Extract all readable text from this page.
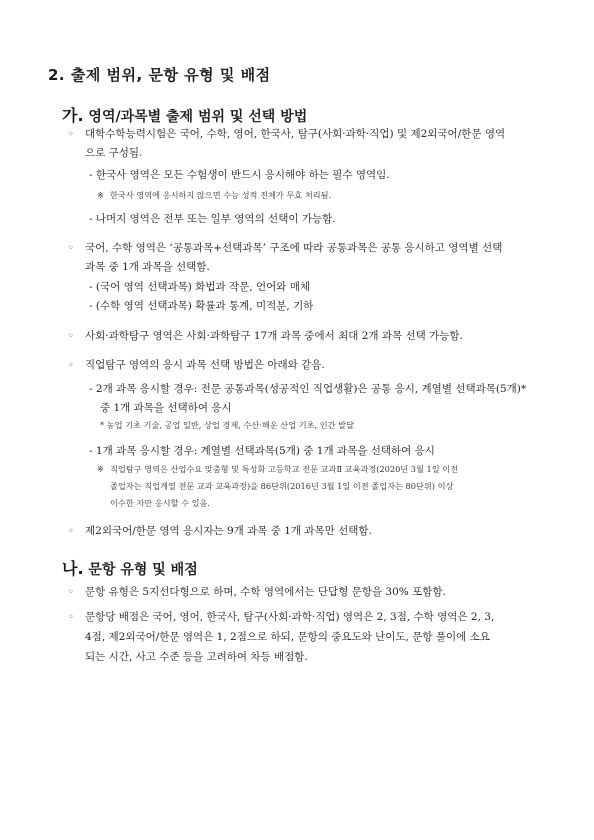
2. 출제 범위, 문항 유형 및 배점
가. 영역/과목별 출제 범위 및 선택 방법
◦ 대학수학능력시험은 국어, 수학, 영어, 한국사, 탐구(사회·과학·직업) 및 제2외국어/한문 영역
으로 구성됨.
- 한국사 영역은 모든 수험생이 반드시 응시해야 하는 필수 영역임.
※ 한국사 영역에 응시하지 않으면 수능 성적 전체가 무효 처리됨.
- 나머지 영역은 전부 또는 일부 영역의 선택이 가능함.
◦ 국어, 수학 영역은 ‘공통과목+선택과목’ 구조에 따라 공통과목은 공통 응시하고 영역별 선택
과목 중 1개 과목을 선택함.
- (국어 영역 선택과목) 화법과 작문, 언어와 매체
- (수학 영역 선택과목) 확률과 통계, 미적분, 기하
◦ 사회·과학탐구 영역은 사회·과학탐구 17개 과목 중에서 최대 2개 과목 선택 가능함.
◦ 직업탐구 영역의 응시 과목 선택 방법은 아래와 같음.
- 2개 과목 응시할 경우: 전문 공통과목(성공적인 직업생활)은 공통 응시, 계열별 선택과목(5개)*
중 1개 과목을 선택하여 응시
* 농업 기초 기술, 공업 일반, 상업 경제, 수산·해운 산업 기초, 인간 발달
- 1개 과목 응시할 경우: 계열별 선택과목(5개) 중 1개 과목을 선택하여 응시
※ 직업탐구 영역은 산업수요 맞춤형 및 특성화 고등학교 전문 교과Ⅱ 교육과정(2020년 3월 1일 이전
졸업자는 직업계열 전문 교과 교육과정)을 86단위(2016년 3월 1일 이전 졸업자는 80단위) 이상
이수한 자만 응시할 수 있음.
◦ 제2외국어/한문 영역 응시자는 9개 과목 중 1개 과목만 선택함.
나. 문항 유형 및 배점
◦ 문항 유형은 5지선다형으로 하며, 수학 영역에서는 단답형 문항을 30% 포함함.
◦ 문항당 배점은 국어, 영어, 한국사, 탐구(사회·과학·직업) 영역은 2, 3점, 수학 영역은 2, 3,
4점, 제2외국어/한문 영역은 1, 2점으로 하되, 문항의 중요도와 난이도, 문항 풀이에 소요
되는 시간, 사고 수준 등을 고려하여 차등 배점함.
